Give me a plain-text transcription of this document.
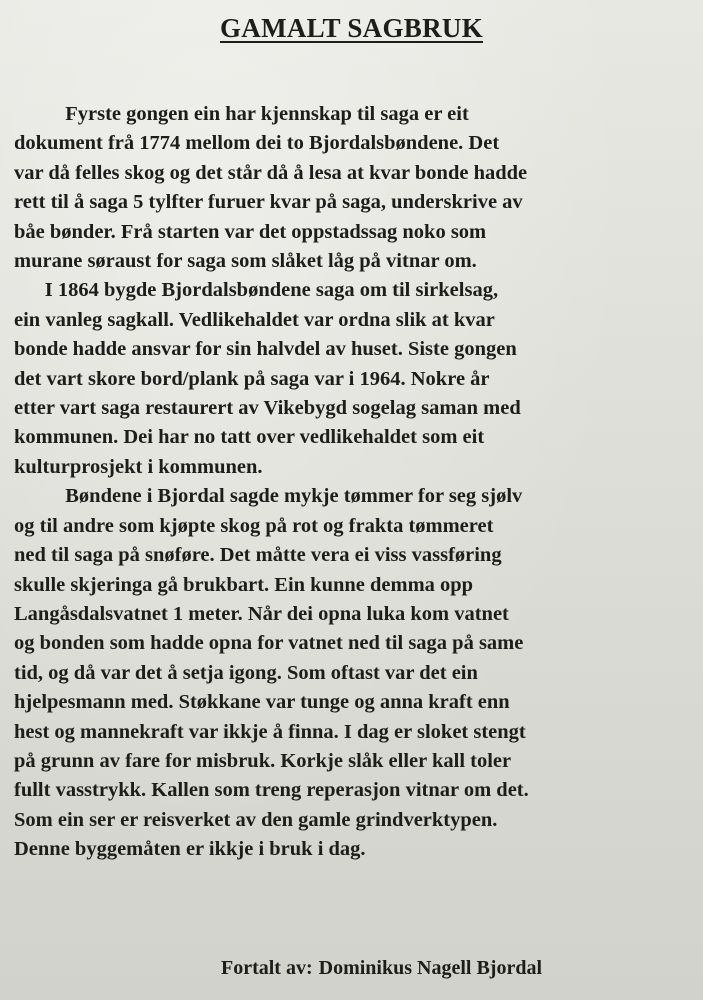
GAMALT SAGBRUK
Fyrste gongen ein har kjennskap til saga er eit
dokument frå 1774 mellom dei to Bjordalsbøndene. Det
var då felles skog og det står då å lesa at kvar bonde hadde
rett til å saga 5 tylfter furuer kvar på saga, underskrive av
båe bønder. Frå starten var det oppstadssag noko som
murane søraust for saga som slåket låg på vitnar om.
I 1864 bygde Bjordalsbøndene saga om til sirkelsag,
ein vanleg sagkall. Vedlikehaldet var ordna slik at kvar
bonde hadde ansvar for sin halvdel av huset. Siste gongen
det vart skore bord/plank på saga var i 1964. Nokre år
etter vart saga restaurert av Vikebygd sogelag saman med
kommunen. Dei har no tatt over vedlikehaldet som eit
kulturprosjekt i kommunen.
Bøndene i Bjordal sagde mykje tømmer for seg sjølv
og til andre som kjøpte skog på rot og frakta tømmeret
ned til saga på snøføre. Det måtte vera ei viss vassføring
skulle skjeringa gå brukbart. Ein kunne demma opp
Langåsdalsvatnet 1 meter. Når dei opna luka kom vatnet
og bonden som hadde opna for vatnet ned til saga på same
tid, og då var det å setja igong. Som oftast var det ein
hjelpesmann med. Støkkane var tunge og anna kraft enn
hest og mannekraft var ikkje å finna. I dag er sloket stengt
på grunn av fare for misbruk. Korkje slåk eller kall toler
fullt vasstrykk. Kallen som treng reperasjon vitnar om det.
Som ein ser er reisverket av den gamle grindverktypen.
Denne byggemåten er ikkje i bruk i dag.

Fortalt av: Dominikus Nagell Bjordal
